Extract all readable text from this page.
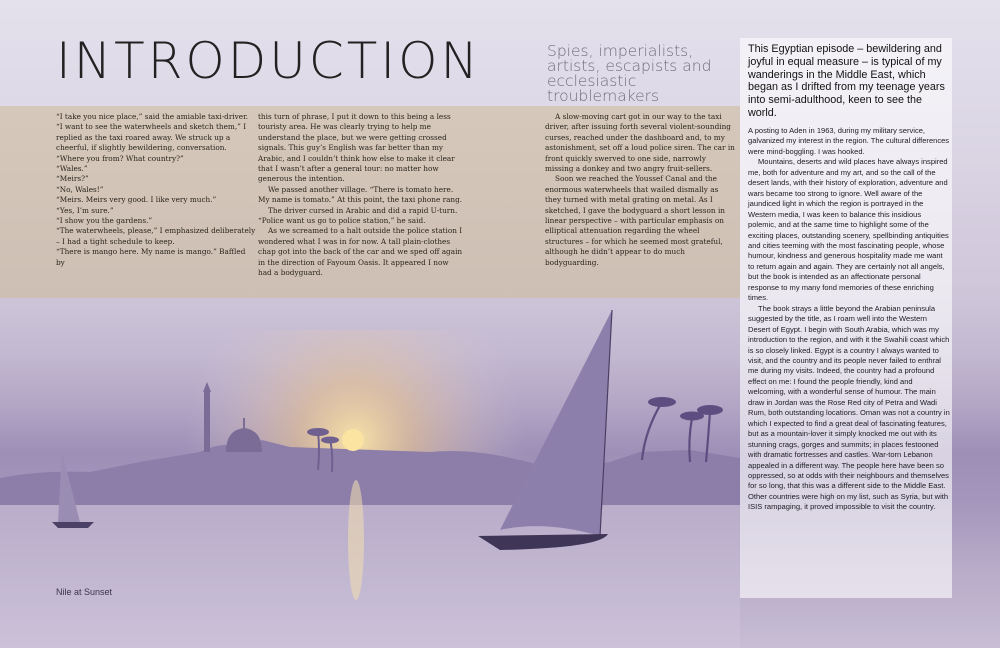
INTRODUCTION	Spies, imperialists, artists, escapists and ecclesiastic troublemakers

“I take you nice place,” said the amiable taxi-driver.

“I want to see the waterwheels and sketch them,” I replied as the taxi roared away. We struck up a cheerful, if slightly bewildering, conversation.

“Where you from? What country?”

“Wales.”

“Meirs?”

“No, Wales!”

“Meirs. Meirs very good. I like very much.”

“Yes, I’m sure.”

“I show you the gardens.”

“The waterwheels, please,” I emphasized deliberately – I had a tight schedule to keep.

“There is mango here. My name is mango.” Baffled by

this turn of phrase, I put it down to this being a less touristy area. He was clearly trying to help me understand the place, but we were getting crossed signals. This guy’s English was far better than my Arabic, and I couldn’t think how else to make it clear that I wasn’t after a general tour: no matter how generous the intention.

We passed another village. “There is tomato here. My name is tomato.” At this point, the taxi phone rang.

The driver cursed in Arabic and did a rapid U-turn. “Police want us go to police station,” he said.

As we screamed to a halt outside the police station I wondered what I was in for now. A tall plain-clothes chap got into the back of the car and we sped off again in the direction of Fayoum Oasis. It appeared I now had a bodyguard.

A slow-moving cart got in our way to the taxi driver, after issuing forth several violent-sounding curses, reached under the dashboard and, to my astonishment, set off a loud police siren. The car in front quickly swerved to one side, narrowly missing a donkey and two angry fruit-sellers.

Soon we reached the Youssef Canal and the enormous waterwheels that wailed dismally as they turned with metal grating on metal. As I sketched, I gave the bodyguard a short lesson in linear perspective – with particular emphasis on elliptical attenuation regarding the wheel structures – for which he seemed most grateful, although he didn’t appear to do much bodyguarding.

This Egyptian episode – bewildering and joyful in equal measure – is typical of my wanderings in the Middle East, which began as I drifted from my teenage years into semi-adulthood, keen to see the world.

A posting to Aden in 1963, during my military service, galvanized my interest in the region. The cultural differences were mind-boggling. I was hooked.

Mountains, deserts and wild places have always inspired me, both for adventure and my art, and so the call of the desert lands, with their history of exploration, adventure and wars became too strong to ignore. Well aware of the jaundiced light in which the region is portrayed in the Western media, I was keen to balance this insidious polemic, and at the same time to highlight some of the exciting places, outstanding scenery, spellbinding antiquities and cities teeming with the most fascinating people, whose humour, kindness and generous hospitality made me want to return again and again. They are certainly not all angels, but the book is intended as an affectionate personal response to my many fond memories of these enriching times.

The book strays a little beyond the Arabian peninsula suggested by the title, as I roam well into the Western Desert of Egypt. I begin with South Arabia, which was my introduction to the region, and with it the Swahili coast which is so closely linked. Egypt is a country I always wanted to visit, and the country and its people never failed to enthral me during my visits. Indeed, the country had a profound effect on me: I found the people friendly, kind and welcoming, with a wonderful sense of humour. The main draw in Jordan was the Rose Red city of Petra and Wadi Rum, both outstanding locations. Oman was not a country in which I expected to find a great deal of fascinating features, but as a mountain-lover it simply knocked me out with its stunning crags, gorges and summits; in places festooned with dramatic fortresses and castles. War-torn Lebanon appealed in a different way. The people here have been so oppressed, so at odds with their neighbours and themselves for so long, that this was a different side to the Middle East. Other countries were high on my list, such as Syria, but with ISIS rampaging, it proved impossible to visit the country.

Nile at Sunset
